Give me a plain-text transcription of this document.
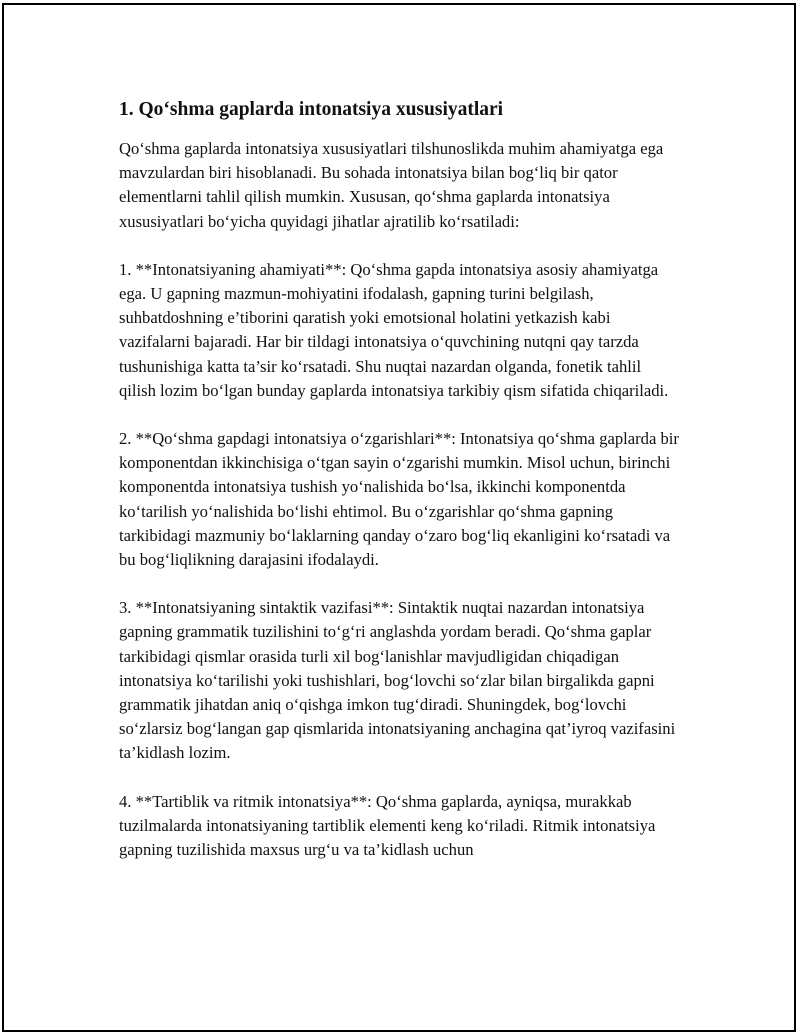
1. Qo‘shma gaplarda intonatsiya xususiyatlari

Qo‘shma gaplarda intonatsiya xususiyatlari tilshunoslikda muhim ahamiyatga ega mavzulardan biri hisoblanadi. Bu sohada intonatsiya bilan bog‘liq bir qator elementlarni tahlil qilish mumkin. Xususan, qo‘shma gaplarda intonatsiya xususiyatlari bo‘yicha quyidagi jihatlar ajratilib ko‘rsatiladi:

1. **Intonatsiyaning ahamiyati**: Qo‘shma gapda intonatsiya asosiy ahamiyatga ega. U gapning mazmun-mohiyatini ifodalash, gapning turini belgilash, suhbatdoshning e’tiborini qaratish yoki emotsional holatini yetkazish kabi vazifalarni bajaradi. Har bir tildagi intonatsiya o‘quvchining nutqni qay tarzda tushunishiga katta ta’sir ko‘rsatadi. Shu nuqtai nazardan olganda, fonetik tahlil qilish lozim bo‘lgan bunday gaplarda intonatsiya tarkibiy qism sifatida chiqariladi.

2. **Qo‘shma gapdagi intonatsiya o‘zgarishlari**: Intonatsiya qo‘shma gaplarda bir komponentdan ikkinchisiga o‘tgan sayin o‘zgarishi mumkin. Misol uchun, birinchi komponentda intonatsiya tushish yo‘nalishida bo‘lsa, ikkinchi komponentda ko‘tarilish yo‘nalishida bo‘lishi ehtimol. Bu o‘zgarishlar qo‘shma gapning tarkibidagi mazmuniy bo‘laklarning qanday o‘zaro bog‘liq ekanligini ko‘rsatadi va bu bog‘liqlikning darajasini ifodalaydi.

3. **Intonatsiyaning sintaktik vazifasi**: Sintaktik nuqtai nazardan intonatsiya gapning grammatik tuzilishini to‘g‘ri anglashda yordam beradi. Qo‘shma gaplar tarkibidagi qismlar orasida turli xil bog‘lanishlar mavjudligidan chiqadigan intonatsiya ko‘tarilishi yoki tushishlari, bog‘lovchi so‘zlar bilan birgalikda gapni grammatik jihatdan aniq o‘qishga imkon tug‘diradi. Shuningdek, bog‘lovchi so‘zlarsiz bog‘langan gap qismlarida intonatsiyaning anchagina qat’iyroq vazifasini ta’kidlash lozim.

4. **Tartiblik va ritmik intonatsiya**: Qo‘shma gaplarda, ayniqsa, murakkab tuzilmalarda intonatsiyaning tartiblik elementi keng ko‘riladi. Ritmik intonatsiya gapning tuzilishida maxsus urg‘u va ta’kidlash uchun
